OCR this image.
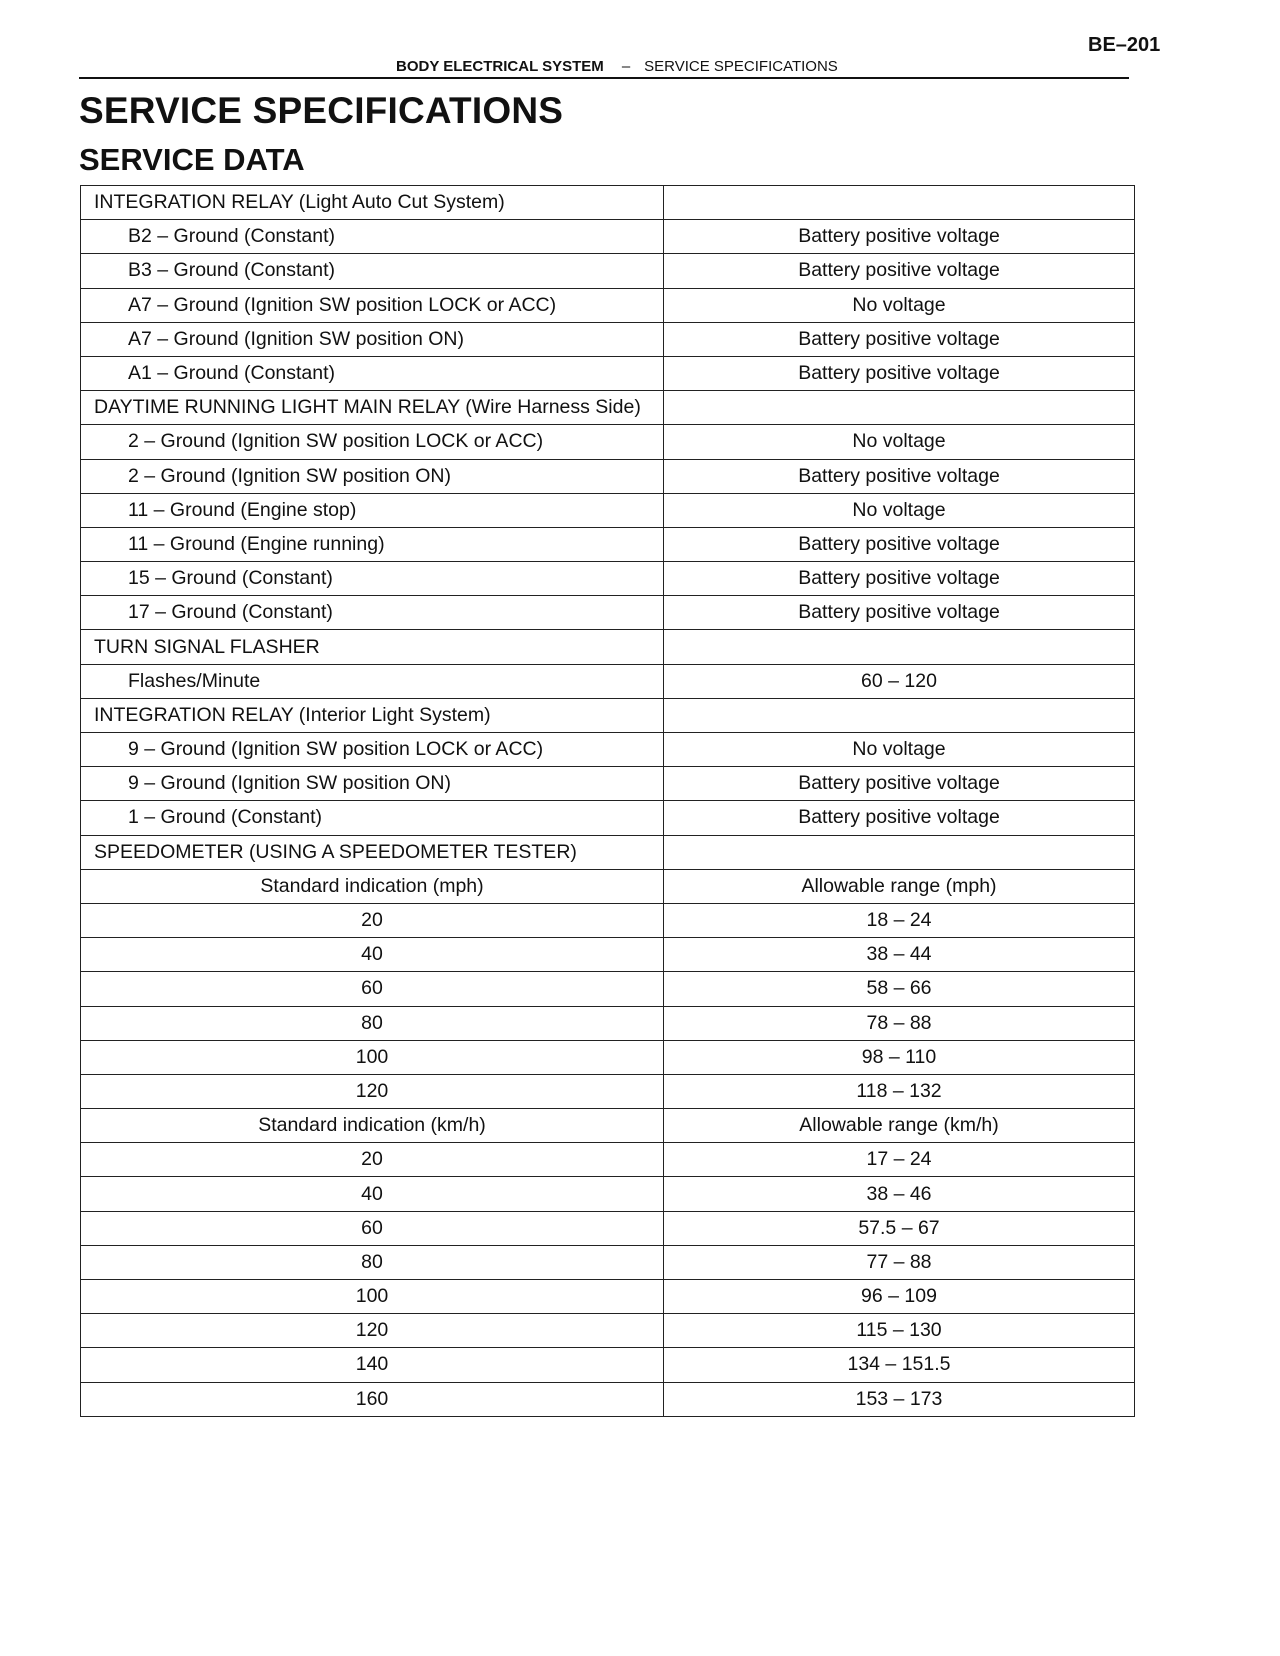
BE–201
BODY ELECTRICAL SYSTEM – SERVICE SPECIFICATIONS
SERVICE SPECIFICATIONS
SERVICE DATA
INTEGRATION RELAY (Light Auto Cut System)	
B2 – Ground (Constant)	Battery positive voltage
B3 – Ground (Constant)	Battery positive voltage
A7 – Ground (Ignition SW position LOCK or ACC)	No voltage
A7 – Ground (Ignition SW position ON)	Battery positive voltage
A1 – Ground (Constant)	Battery positive voltage
DAYTIME RUNNING LIGHT MAIN RELAY (Wire Harness Side)	
2 – Ground (Ignition SW position LOCK or ACC)	No voltage
2 – Ground (Ignition SW position ON)	Battery positive voltage
11 – Ground (Engine stop)	No voltage
11 – Ground (Engine running)	Battery positive voltage
15 – Ground (Constant)	Battery positive voltage
17 – Ground (Constant)	Battery positive voltage
TURN SIGNAL FLASHER	
Flashes/Minute	60 – 120
INTEGRATION RELAY (Interior Light System)	
9 – Ground (Ignition SW position LOCK or ACC)	No voltage
9 – Ground (Ignition SW position ON)	Battery positive voltage
1 – Ground (Constant)	Battery positive voltage
SPEEDOMETER (USING A SPEEDOMETER TESTER)	
Standard indication (mph)	Allowable range (mph)
20	18 – 24
40	38 – 44
60	58 – 66
80	78 – 88
100	98 – 110
120	118 – 132
Standard indication (km/h)	Allowable range (km/h)
20	17 – 24
40	38 – 46
60	57.5 – 67
80	77 – 88
100	96 – 109
120	115 – 130
140	134 – 151.5
160	153 – 173
